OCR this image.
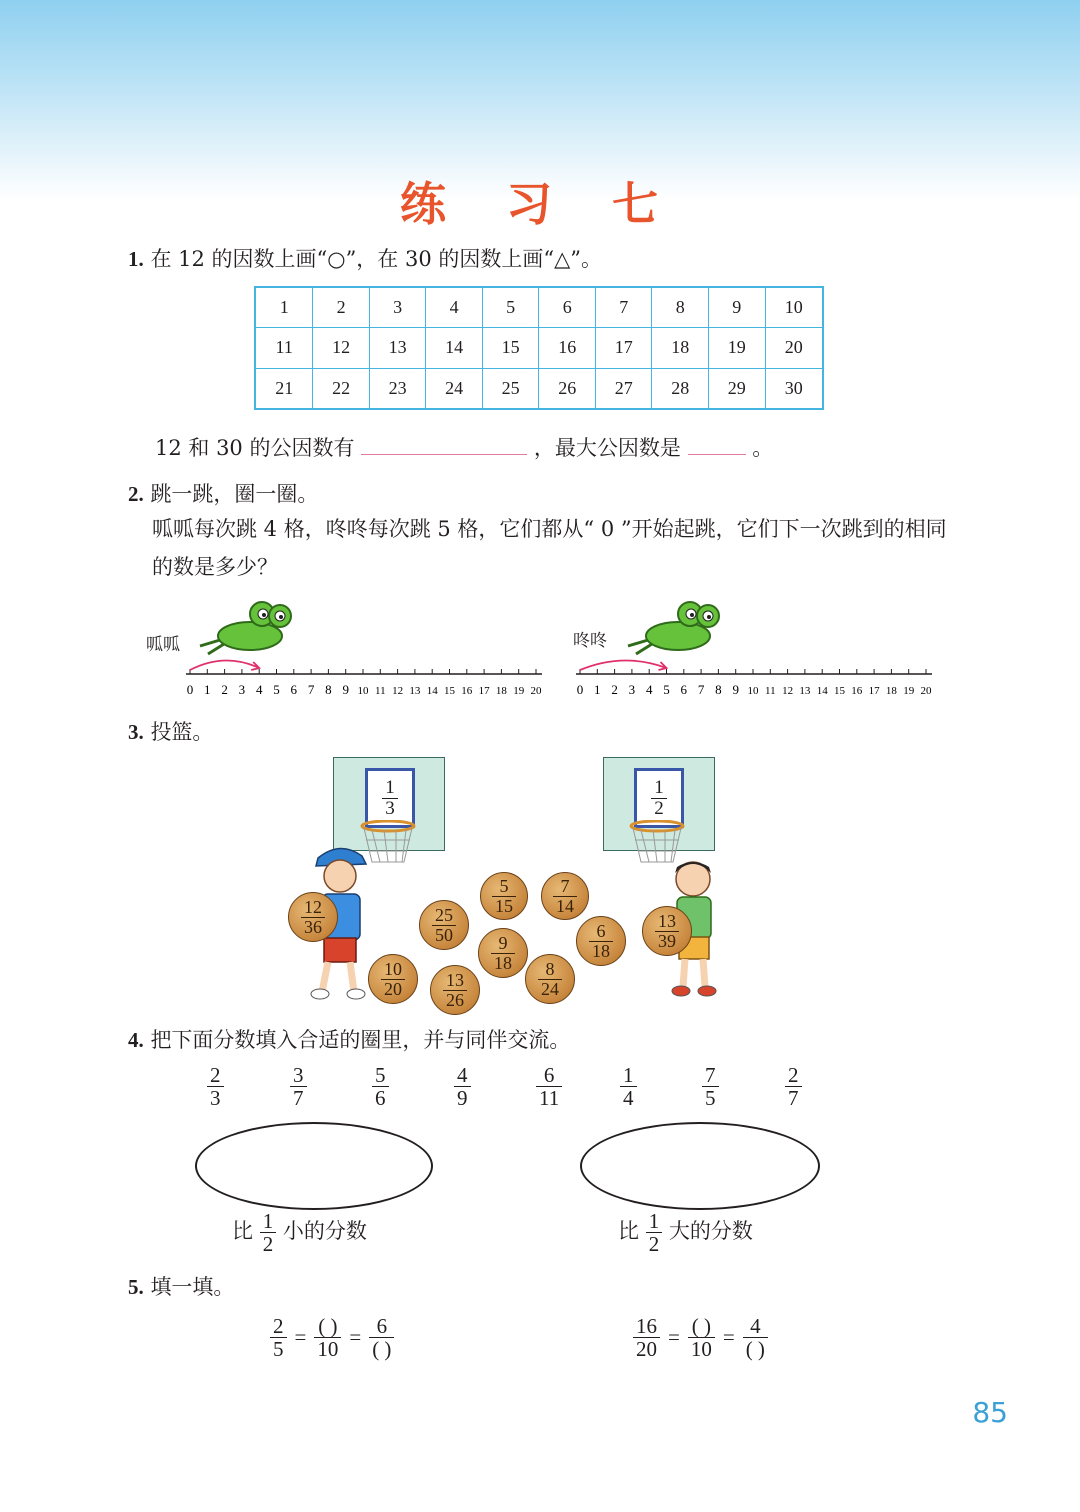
练 习 七
1. 在 12 的因数上画“○”，在 30 的因数上画“△”。
1	2	3	4	5	6	7	8	9	10
11	12	13	14	15	16	17	18	19	20
21	22	23	24	25	26	27	28	29	30
12 和 30 的公因数有	，最大公因数是	。
2. 跳一跳，圈一圈。
呱呱每次跳 4 格，咚咚每次跳 5 格，它们都从“ 0 ”开始起跳，它们下一次跳到的相同的数是多少？
呱呱	咚咚
0 1 2 3 4 5 6 7 8 9 10 11 12 13 14 15 16 17 18 19 20	0 1 2 3 4 5 6 7 8 9 10 11 12 13 14 15 16 17 18 19 20
3. 投篮。
$\frac{1}{3}$	$\frac{1}{2}$
$\frac{12}{36}$	$\frac{25}{50}$
$\frac{5}{15} \frac{7}{14}$
$\frac{9}{18}$	$\frac{6}{18}$
$\frac{10}{20} \frac{13}{26}$	$\frac{8}{24}$
$\frac{13}{39}$
4. 把下面分数填入合适的圈里，并与同伴交流。
$\frac{2}{3}$	$\frac{3}{7}$	$\frac{5}{6}$	$\frac{4}{9}$	$\frac{6}{11}$	$\frac{1}{4}$	$\frac{7}{5}$	$\frac{2}{7}$
比 $\frac{1}{2}$ 小的分数	比 $\frac{1}{2}$ 大的分数
5. 填一填。
$\frac{2}{5} = \frac{( )}{10} = \frac{6}{( )}$	$\frac{16}{20} = \frac{( )}{10} = \frac{4}{( )}$
85
